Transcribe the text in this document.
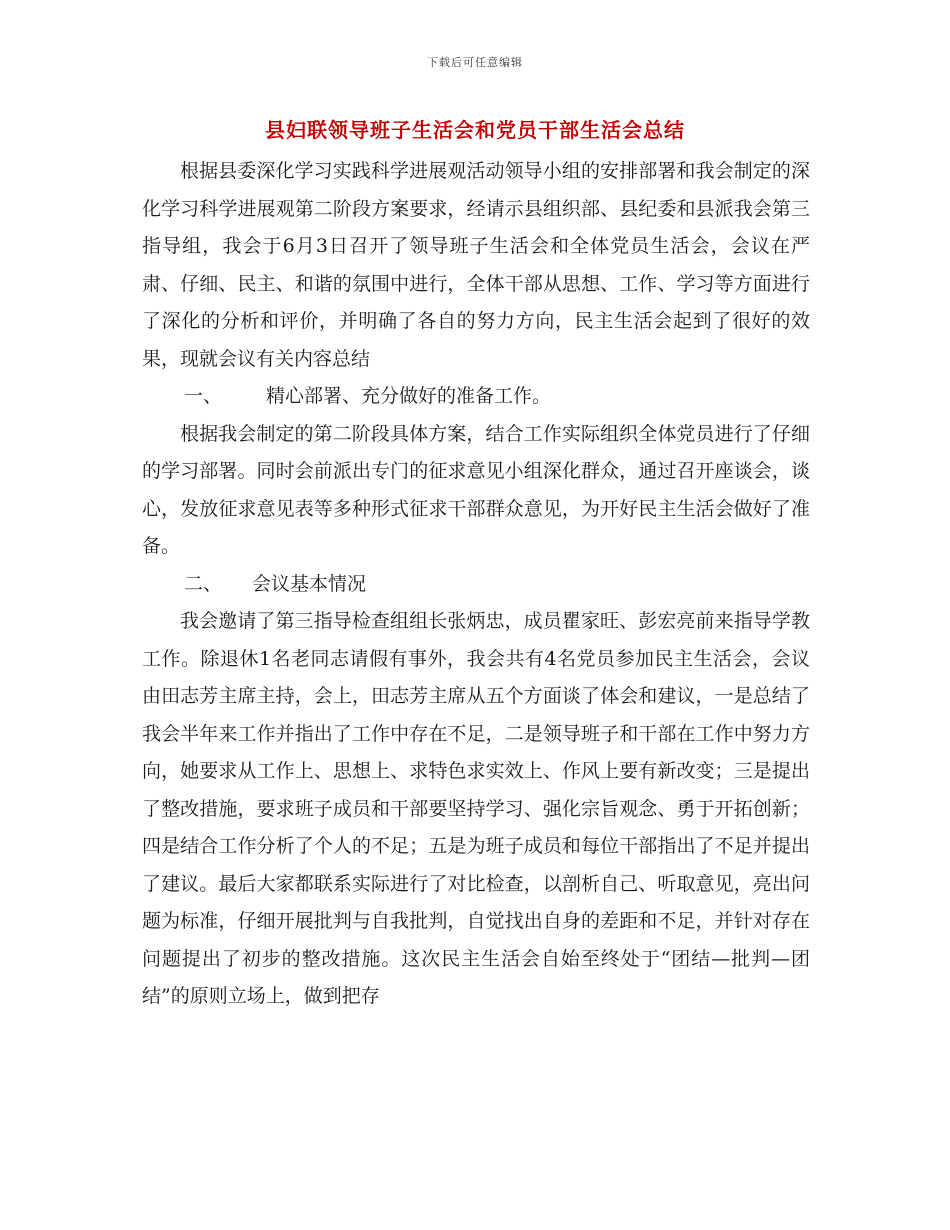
下载后可任意编辑
县妇联领导班子生活会和党员干部生活会总结

根据县委深化学习实践科学进展观活动领导小组的安排部署和我会制定的深化学习科学进展观第二阶段方案要求，经请示县组织部、县纪委和县派我会第三指导组，我会于6月3日召开了领导班子生活会和全体党员生活会，会议在严肃、仔细、民主、和谐的氛围中进行，全体干部从思想、工作、学习等方面进行了深化的分析和评价，并明确了各自的努力方向，民主生活会起到了很好的效果，现就会议有关内容总结

一、 精心部署、充分做好的准备工作。

根据我会制定的第二阶段具体方案，结合工作实际组织全体党员进行了仔细的学习部署。同时会前派出专门的征求意见小组深化群众，通过召开座谈会，谈心，发放征求意见表等多种形式征求干部群众意见，为开好民主生活会做好了准备。

二、 会议基本情况

我会邀请了第三指导检查组组长张炳忠，成员瞿家旺、彭宏亮前来指导学教工作。除退休1名老同志请假有事外，我会共有4名党员参加民主生活会，会议由田志芳主席主持，会上，田志芳主席从五个方面谈了体会和建议，一是总结了我会半年来工作并指出了工作中存在不足，二是领导班子和干部在工作中努力方向，她要求从工作上、思想上、求特色求实效上、作风上要有新改变；三是提出了整改措施，要求班子成员和干部要坚持学习、强化宗旨观念、勇于开拓创新；四是结合工作分析了个人的不足；五是为班子成员和每位干部指出了不足并提出了建议。最后大家都联系实际进行了对比检查，以剖析自己、听取意见，亮出问题为标准，仔细开展批判与自我批判，自觉找出自身的差距和不足，并针对存在问题提出了初步的整改措施。这次民主生活会自始至终处于“团结—批判—团结”的原则立场上，做到把存
